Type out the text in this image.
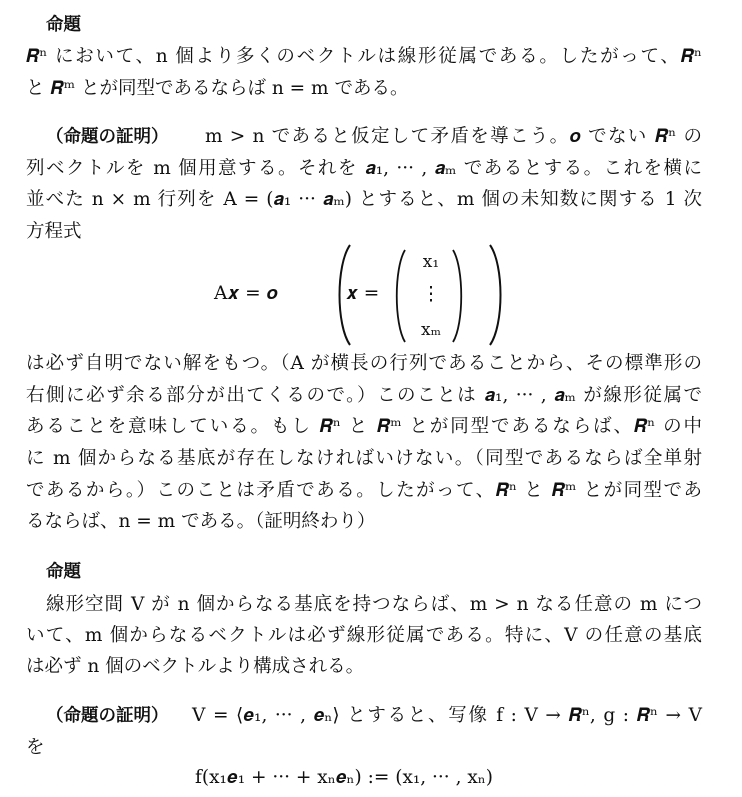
命題
𝑹ⁿ において、n 個より多くのベクトルは線形従属である。したがって、𝑹ⁿ
と 𝑹ᵐ とが同型であるならば n = m である。
（命題の証明） m > n であると仮定して矛盾を導こう。𝒐 でない 𝑹ⁿ の
列ベクトルを m 個用意する。それを 𝒂₁, ··· , 𝒂ₘ であるとする。これを横に
並べた n × m 行列を A = (𝒂₁ ··· 𝒂ₘ) とすると、m 個の未知数に関する 1 次
方程式
A𝒙 = 𝒐	𝒙 =
x₁
⋮
xₘ
は必ず自明でない解をもつ。（A が横長の行列であることから、その標準形の
右側に必ず余る部分が出てくるので。）このことは 𝒂₁, ··· , 𝒂ₘ が線形従属で
あることを意味している。もし 𝑹ⁿ と 𝑹ᵐ とが同型であるならば、𝑹ⁿ の中
に m 個からなる基底が存在しなければいけない。（同型であるならば全単射
であるから。）このことは矛盾である。したがって、𝑹ⁿ と 𝑹ᵐ とが同型であ
るならば、n = m である。（証明終わり）
命題
線形空間 V が n 個からなる基底を持つならば、m > n なる任意の m につ
いて、m 個からなるベクトルは必ず線形従属である。特に、V の任意の基底
は必ず n 個のベクトルより構成される。
（命題の証明） V = ⟨𝒆₁, ··· , 𝒆ₙ⟩ とすると、写像 f : V → 𝑹ⁿ, g : 𝑹ⁿ → V
を
f(x₁𝒆₁ + ··· + xₙ𝒆ₙ) := (x₁, ··· , xₙ)
